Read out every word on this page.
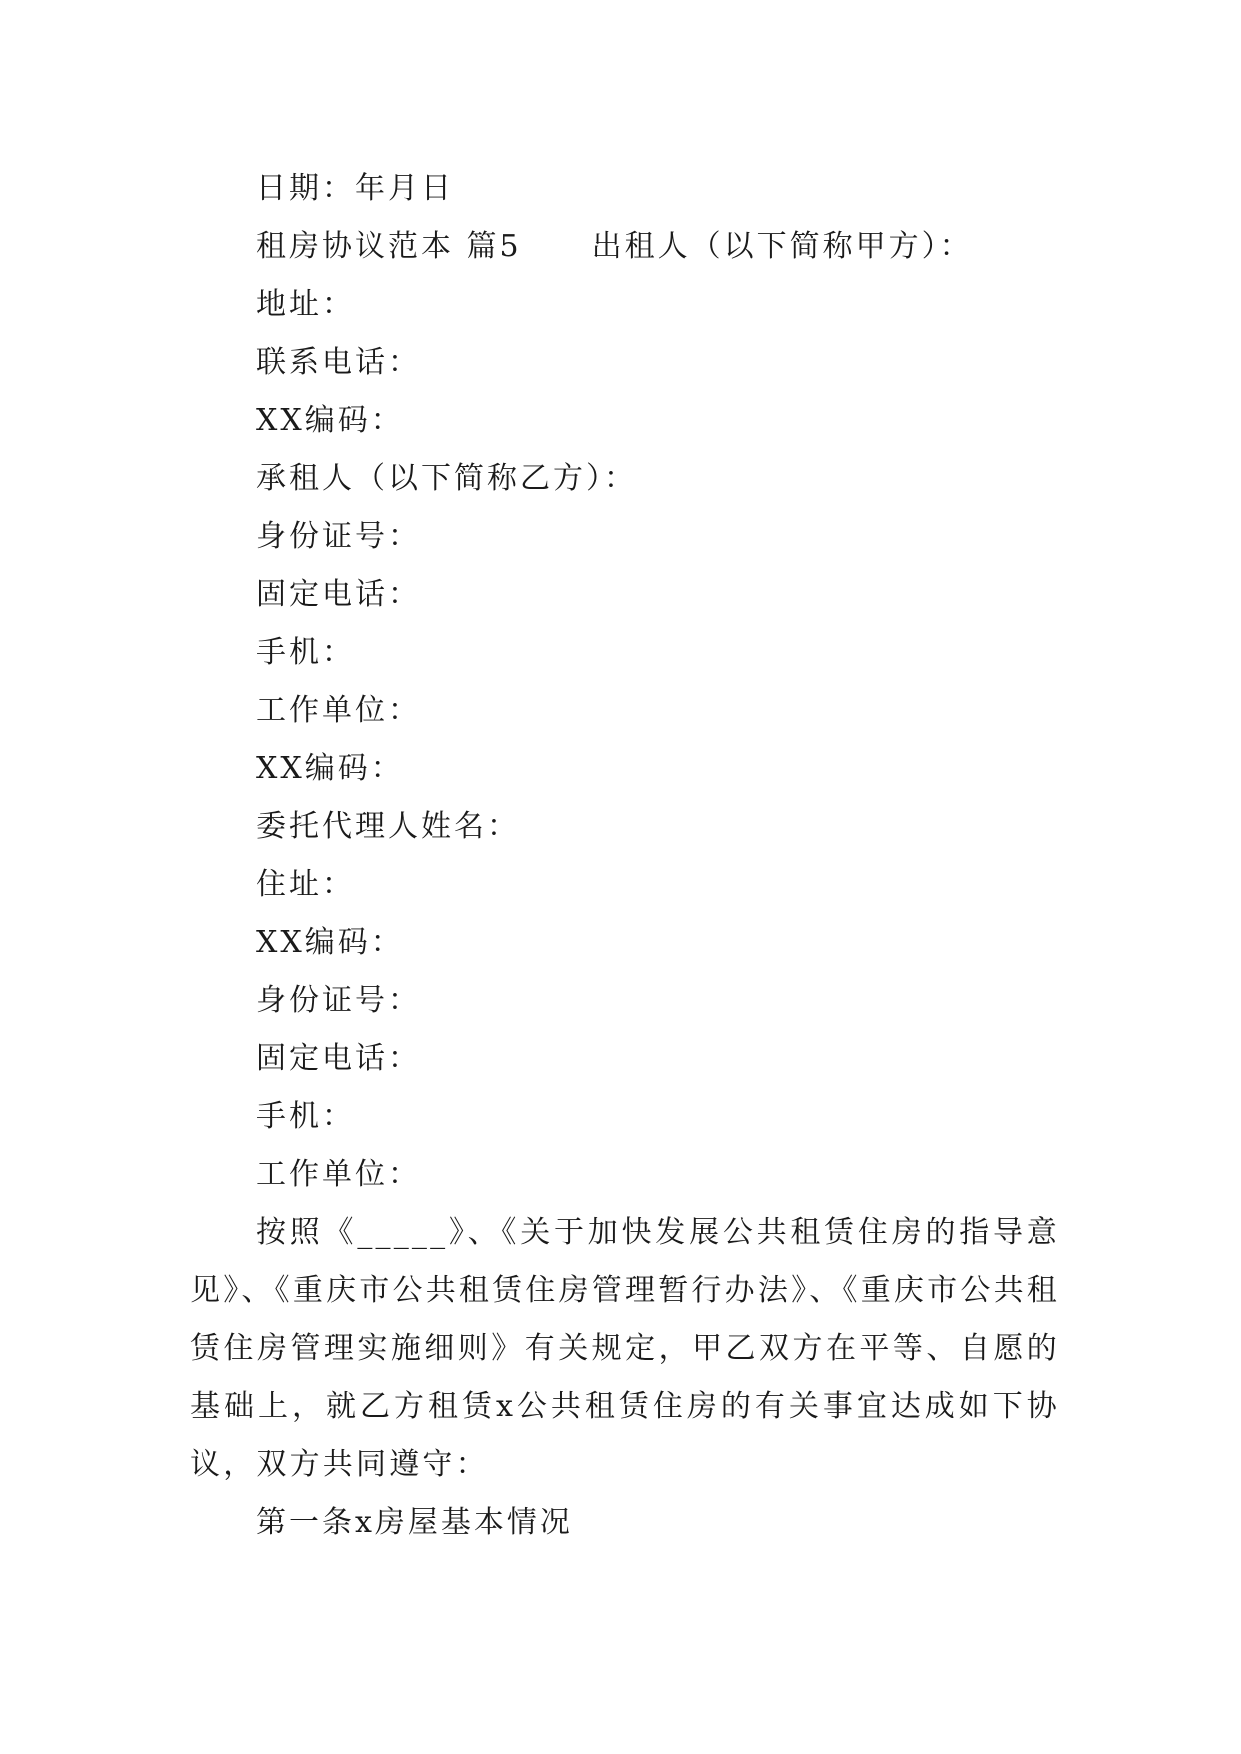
日期：年月日
租房协议范本 篇5 出租人（以下简称甲方）：
地址：
联系电话：
XX编码：
承租人（以下简称乙方）：
身份证号：
固定电话：
手机：
工作单位：
XX编码：
委托代理人姓名：
住址：
XX编码：
身份证号：
固定电话：
手机：
工作单位：

按照《_____》、《关于加快发展公共租赁住房的指导意见》、《重庆市公共租赁住房管理暂行办法》、《重庆市公共租赁住房管理实施细则》有关规定，甲乙双方在平等、自愿的基础上，就乙方租赁x公共租赁住房的有关事宜达成如下协议，双方共同遵守：

第一条x房屋基本情况
